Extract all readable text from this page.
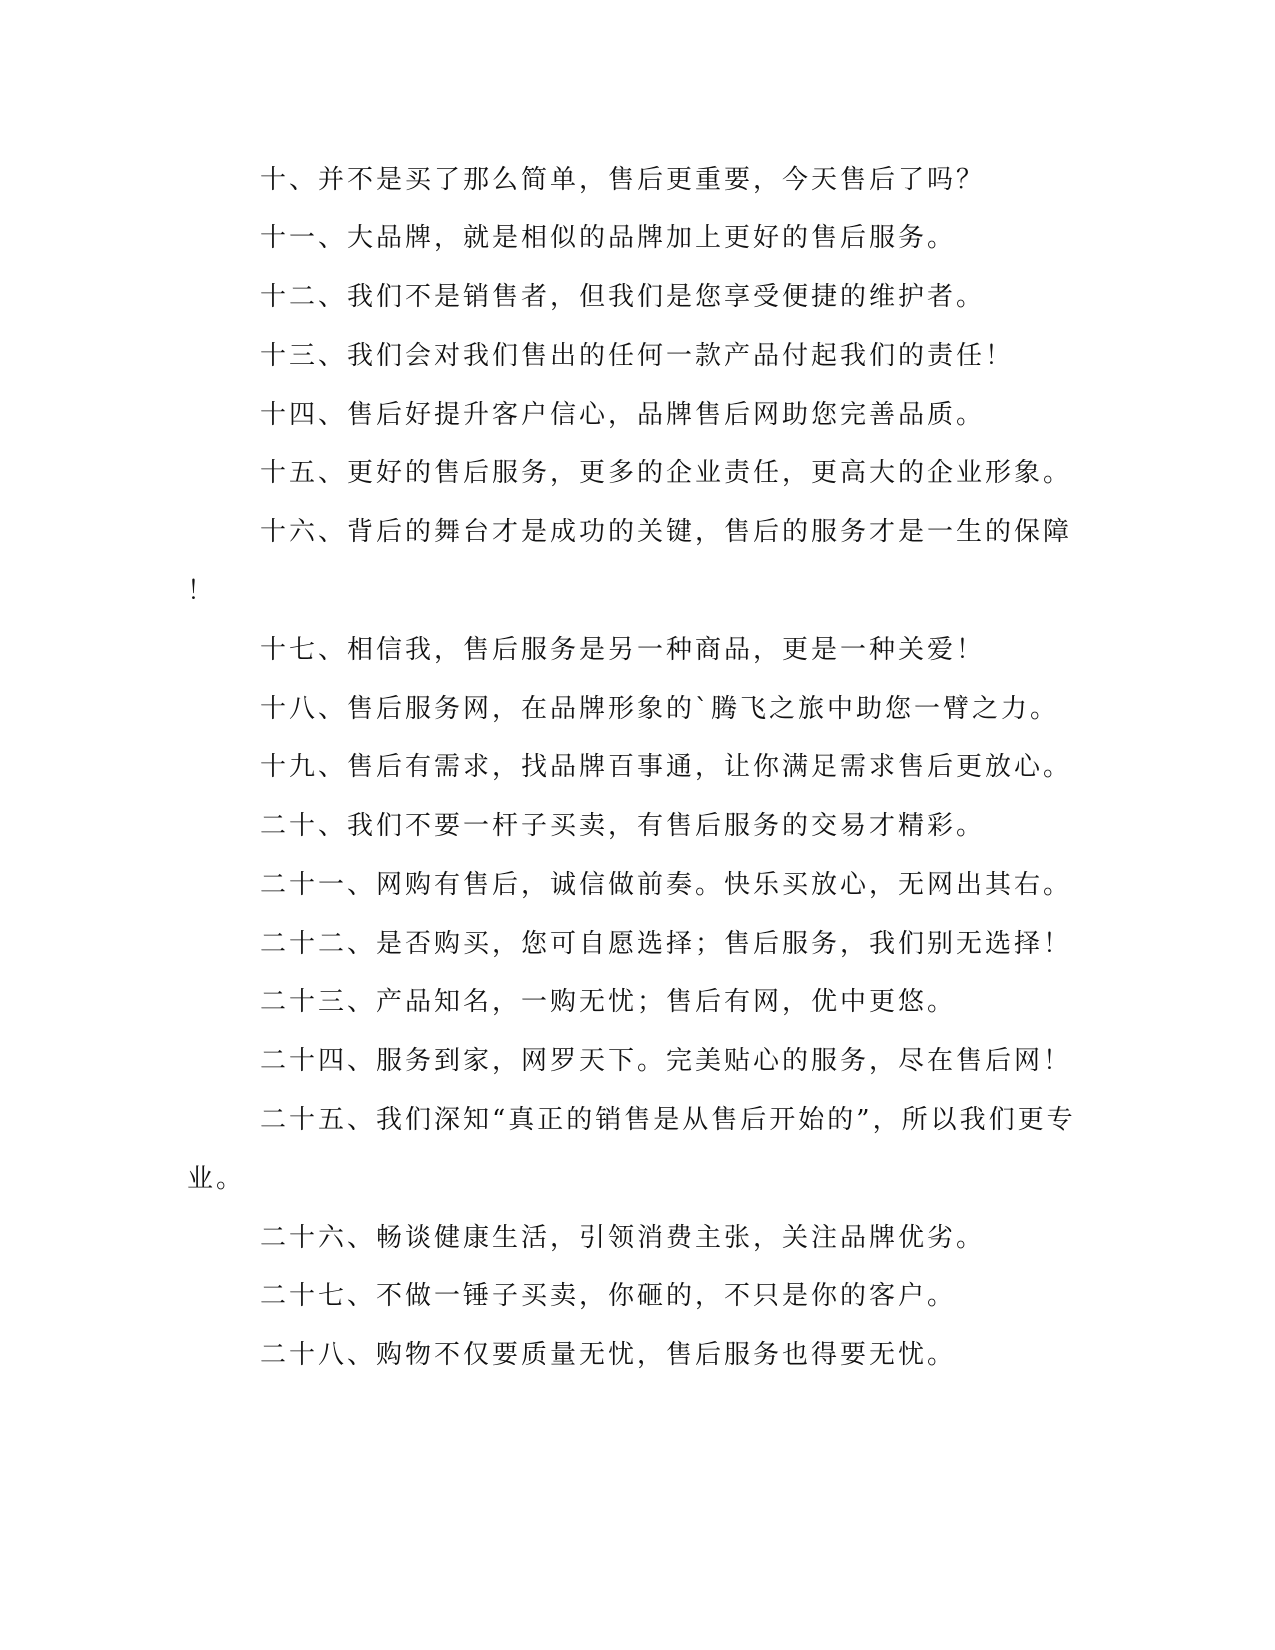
十、并不是买了那么简单，售后更重要，今天售后了吗？
十一、大品牌，就是相似的品牌加上更好的售后服务。
十二、我们不是销售者，但我们是您享受便捷的维护者。
十三、我们会对我们售出的任何一款产品付起我们的责任！
十四、售后好提升客户信心，品牌售后网助您完善品质。
十五、更好的售后服务，更多的企业责任，更高大的企业形象。
十六、背后的舞台才是成功的关键，售后的服务才是一生的保障
！
十七、相信我，售后服务是另一种商品，更是一种关爱！
十八、售后服务网，在品牌形象的`腾飞之旅中助您一臂之力。
十九、售后有需求，找品牌百事通，让你满足需求售后更放心。
二十、我们不要一杆子买卖，有售后服务的交易才精彩。
二十一、网购有售后，诚信做前奏。快乐买放心，无网出其右。
二十二、是否购买，您可自愿选择；售后服务，我们别无选择！
二十三、产品知名，一购无忧；售后有网，优中更悠。
二十四、服务到家，网罗天下。完美贴心的服务，尽在售后网！
二十五、我们深知“真正的销售是从售后开始的”，所以我们更专
业。
二十六、畅谈健康生活，引领消费主张，关注品牌优劣。
二十七、不做一锤子买卖，你砸的，不只是你的客户。
二十八、购物不仅要质量无忧，售后服务也得要无忧。
